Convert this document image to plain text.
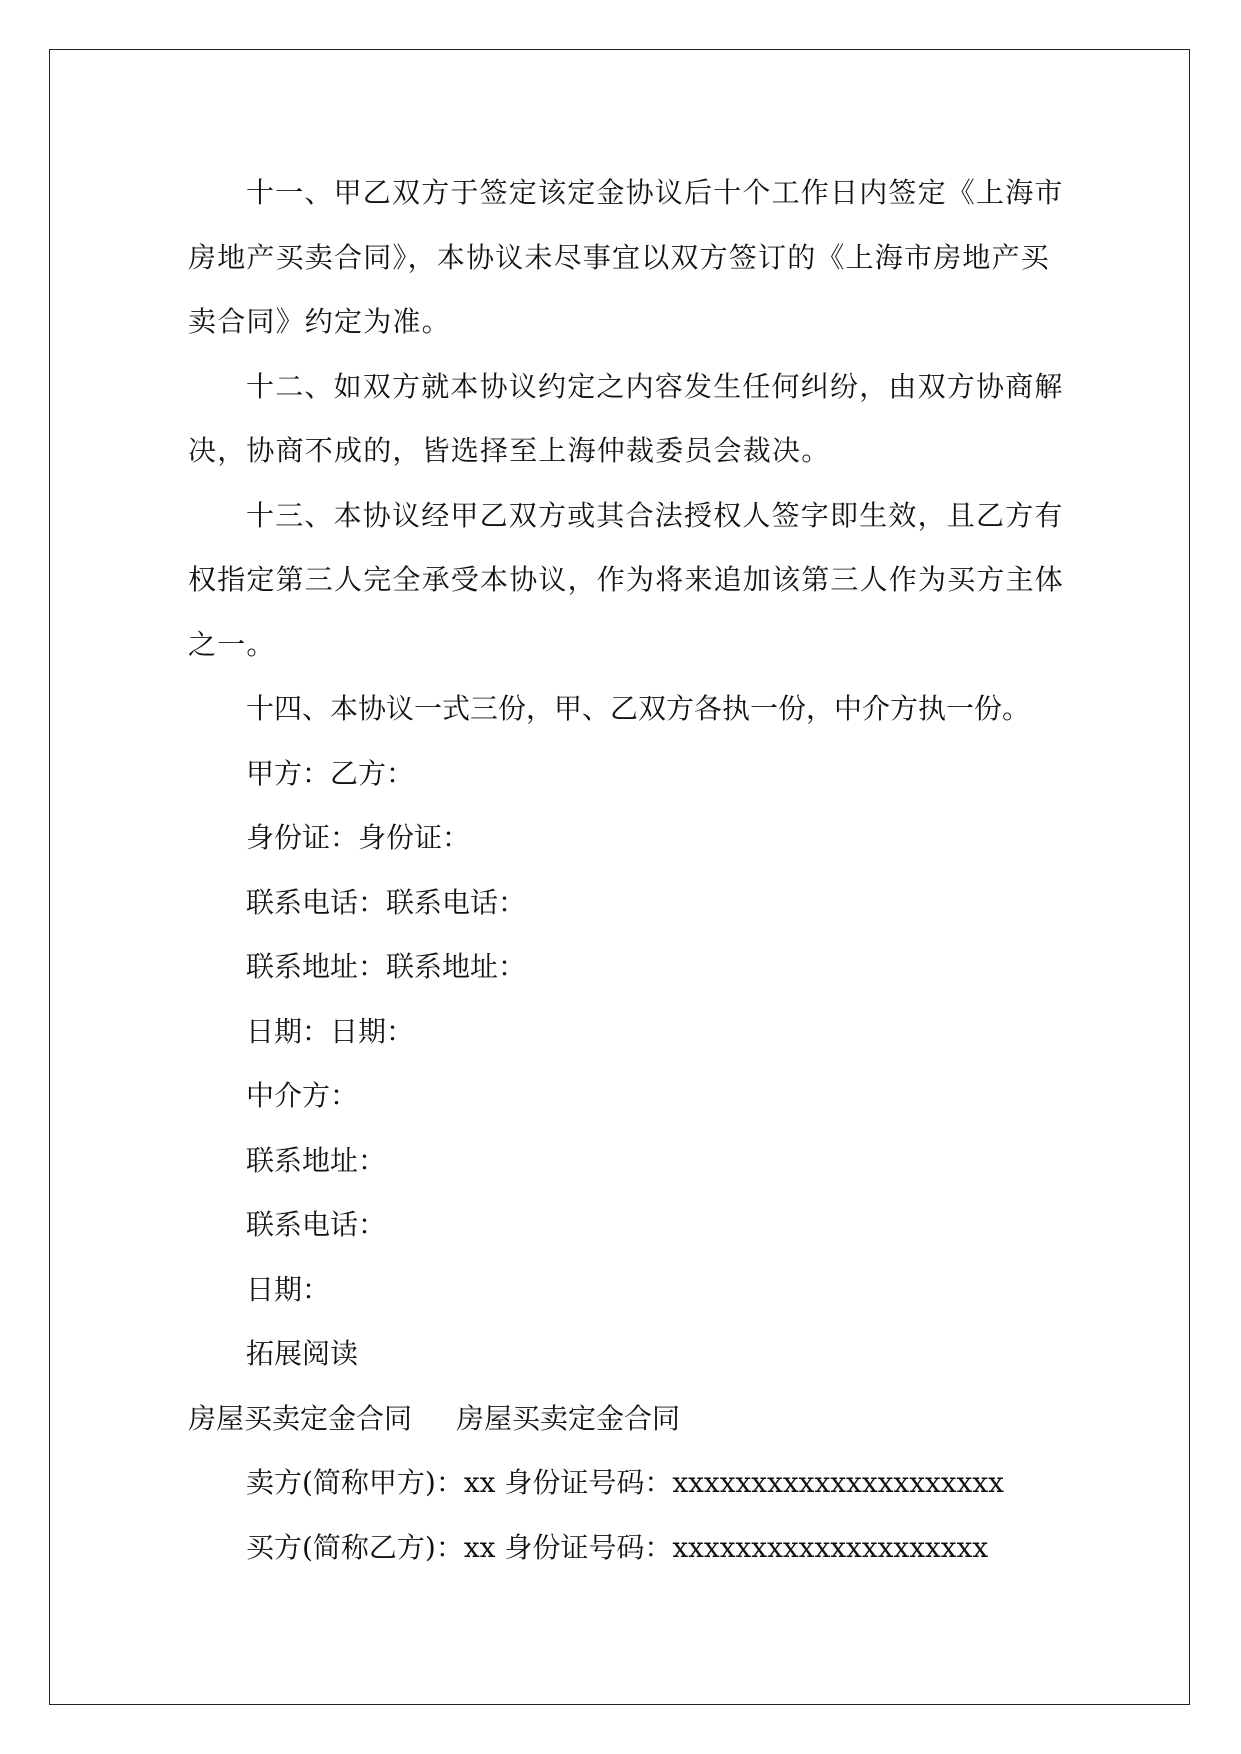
十一、甲乙双方于签定该定金协议后十个工作日内签定《上海市房地产买卖合同》，本协议未尽事宜以双方签订的《上海市房地产买卖合同》约定为准。

十二、如双方就本协议约定之内容发生任何纠纷，由双方协商解决，协商不成的，皆选择至上海仲裁委员会裁决。

十三、本协议经甲乙双方或其合法授权人签字即生效，且乙方有权指定第三人完全承受本协议，作为将来追加该第三人作为买方主体之一。

十四、本协议一式三份，甲、乙双方各执一份，中介方执一份。

甲方：乙方：

身份证：身份证：

联系电话：联系电话：

联系地址：联系地址：

日期：日期：

中介方：

联系地址：

联系电话：

日期：

拓展阅读

房屋买卖定金合同 房屋买卖定金合同

卖方(简称甲方)：xx 身份证号码：xxxxxxxxxxxxxxxxxxxxx

买方(简称乙方)：xx 身份证号码：xxxxxxxxxxxxxxxxxxxx
